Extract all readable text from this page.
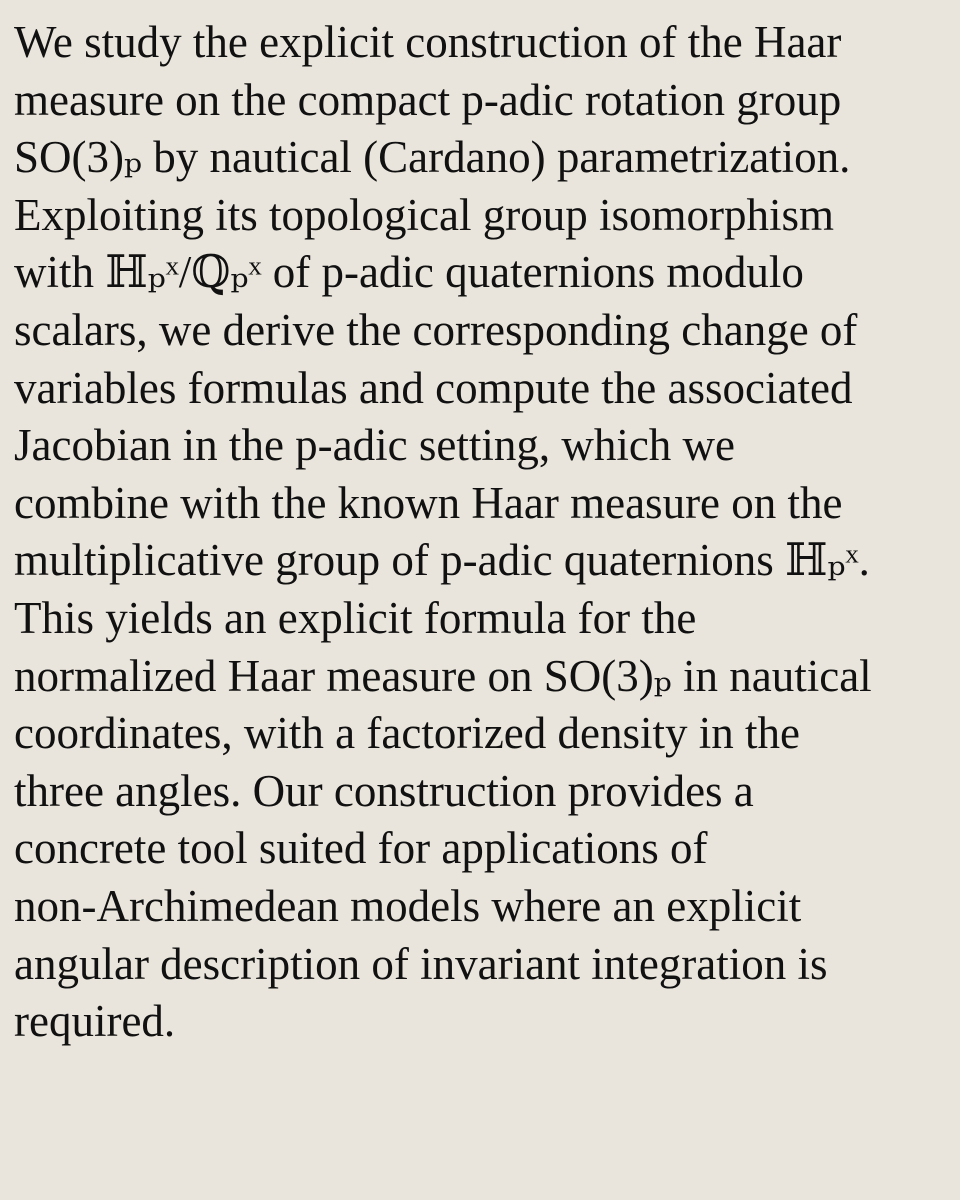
We study the explicit construction of the Haar
measure on the compact p-adic rotation group
SO(3)ₚ by nautical (Cardano) parametrization.
Exploiting its topological group isomorphism
with ℍₚˣ/ℚₚˣ of p-adic quaternions modulo
scalars, we derive the corresponding change of
variables formulas and compute the associated
Jacobian in the p-adic setting, which we
combine with the known Haar measure on the
multiplicative group of p-adic quaternions ℍₚˣ.
This yields an explicit formula for the
normalized Haar measure on SO(3)ₚ in nautical
coordinates, with a factorized density in the
three angles. Our construction provides a
concrete tool suited for applications of
non-Archimedean models where an explicit
angular description of invariant integration is
required.
